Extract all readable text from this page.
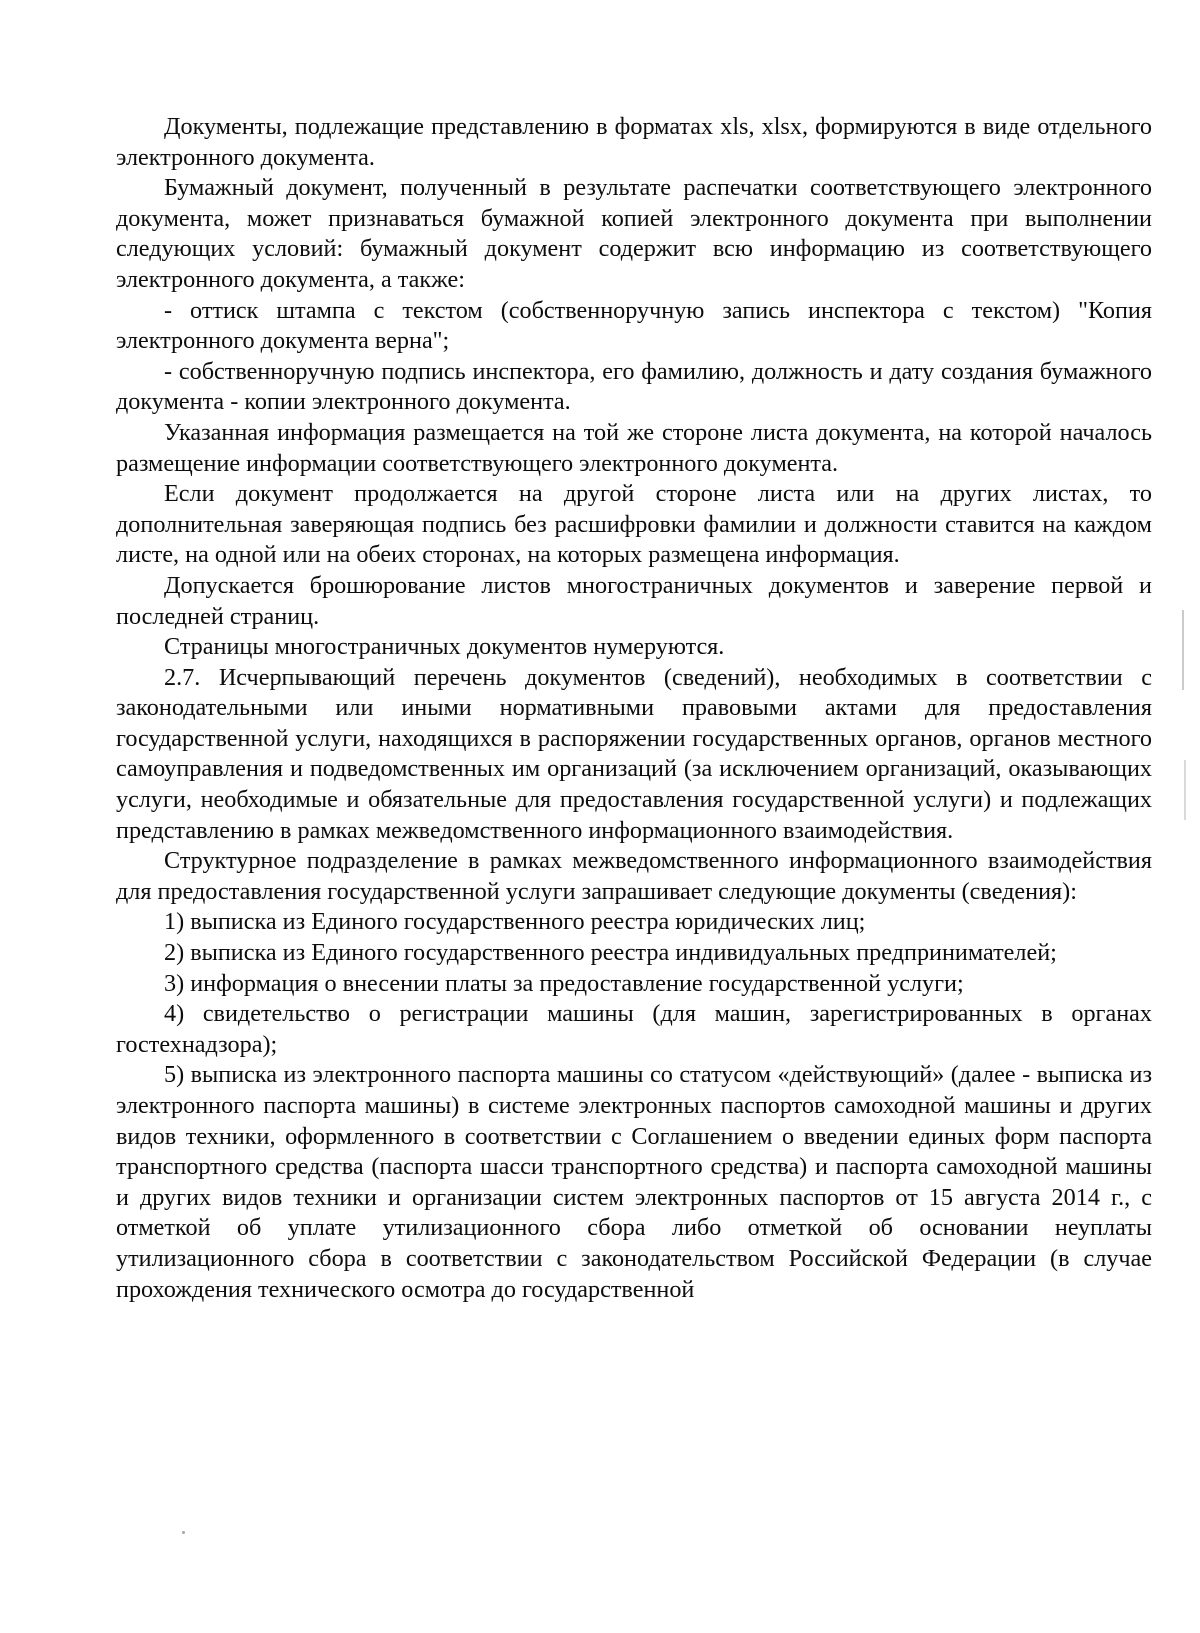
Документы, подлежащие представлению в форматах xls, xlsx, формируются в виде отдельного электронного документа.

Бумажный документ, полученный в результате распечатки соответствующего электронного документа, может признаваться бумажной копией электронного документа при выполнении следующих условий: бумажный документ содержит всю информацию из соответствующего электронного документа, а также:

- оттиск штампа с текстом (собственноручную запись инспектора с текстом) "Копия электронного документа верна";

- собственноручную подпись инспектора, его фамилию, должность и дату создания бумажного документа - копии электронного документа.

Указанная информация размещается на той же стороне листа документа, на которой началось размещение информации соответствующего электронного документа.

Если документ продолжается на другой стороне листа или на других листах, то дополнительная заверяющая подпись без расшифровки фамилии и должности ставится на каждом листе, на одной или на обеих сторонах, на которых размещена информация.

Допускается брошюрование листов многостраничных документов и заверение первой и последней страниц.

Страницы многостраничных документов нумеруются.

2.7. Исчерпывающий перечень документов (сведений), необходимых в соответствии с законодательными или иными нормативными правовыми актами для предоставления государственной услуги, находящихся в распоряжении государственных органов, органов местного самоуправления и подведомственных им организаций (за исключением организаций, оказывающих услуги, необходимые и обязательные для предоставления государственной услуги) и подлежащих представлению в рамках межведомственного информационного взаимодействия.

Структурное подразделение в рамках межведомственного информационного взаимодействия для предоставления государственной услуги запрашивает следующие документы (сведения):

1) выписка из Единого государственного реестра юридических лиц;

2) выписка из Единого государственного реестра индивидуальных предпринимателей;

3) информация о внесении платы за предоставление государственной услуги;

4) свидетельство о регистрации машины (для машин, зарегистрированных в органах гостехнадзора);

5) выписка из электронного паспорта машины со статусом «действующий» (далее - выписка из электронного паспорта машины) в системе электронных паспортов самоходной машины и других видов техники, оформленного в соответствии с Соглашением о введении единых форм паспорта транспортного средства (паспорта шасси транспортного средства) и паспорта самоходной машины и других видов техники и организации систем электронных паспортов от 15 августа 2014 г., с отметкой об уплате утилизационного сбора либо отметкой об основании неуплаты утилизационного сбора в соответствии с законодательством Российской Федерации (в случае прохождения технического осмотра до государственной
